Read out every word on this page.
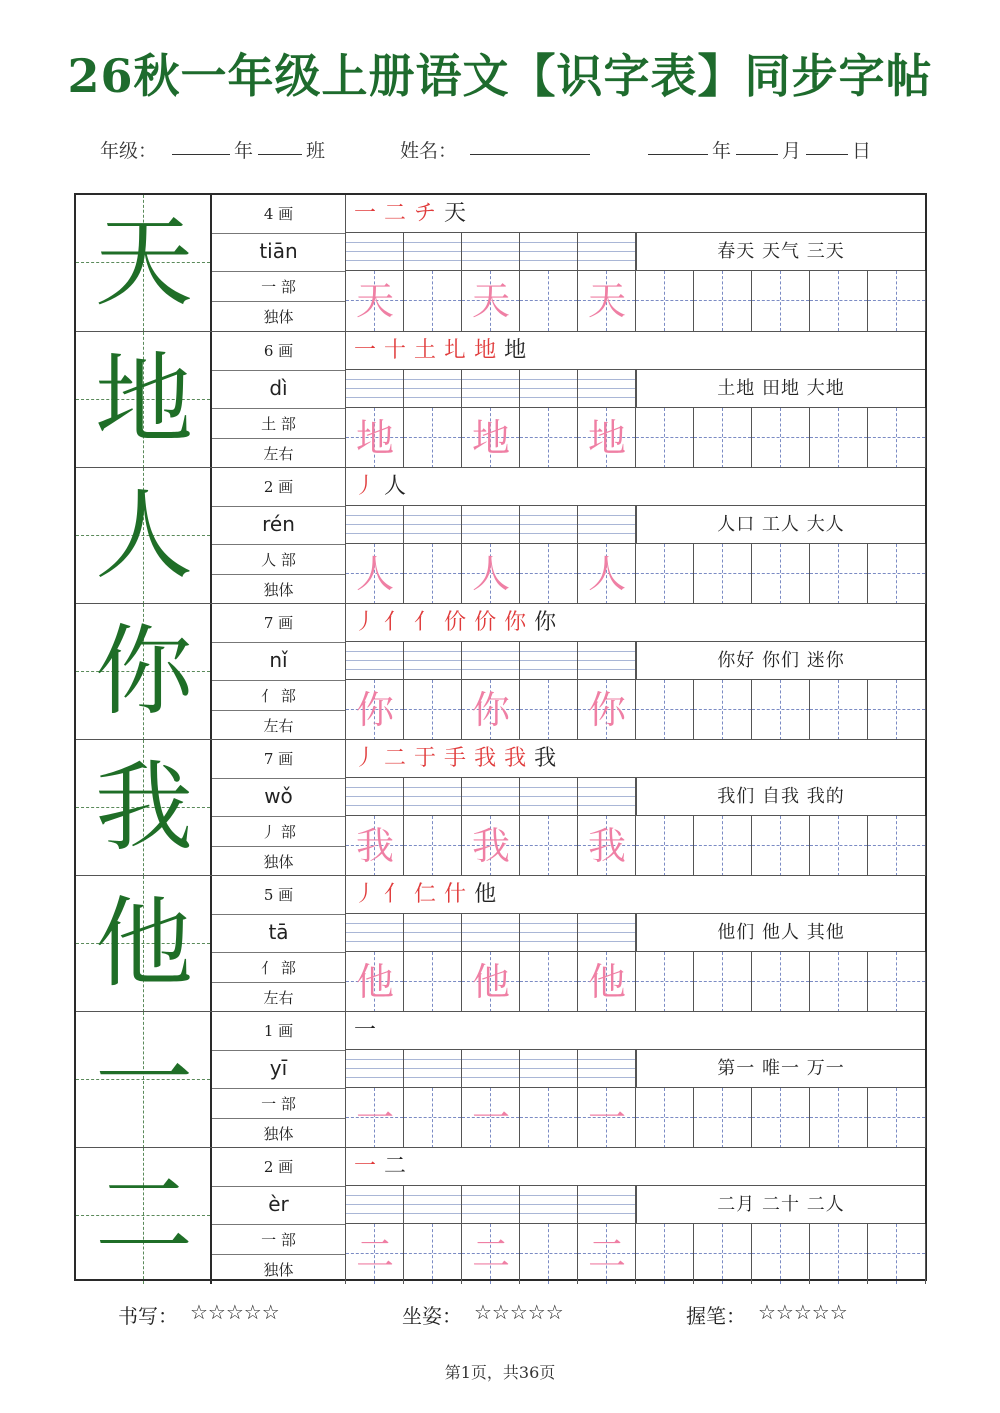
26秋一年级上册语文【识字表】同步字帖
年级：	年	班	姓名：	年	月	日
天	4 画
tiān
一 部
独体
一 二 チ 天
春天 天气 三天
天 天 天
地	6 画
dì
土 部
左右
一 十 土 圠 地 地
土地 田地 大地
地 地 地
人	2 画
rén
人 部
独体
丿 人
人口 工人 大人
人 人 人
你	7 画
nǐ
亻 部
左右
丿 亻 亻 价 价 你 你
你好 你们 迷你
你 你 你
我	7 画
wǒ
丿 部
独体
丿 二 于 手 我 我 我
我们 自我 我的
我 我 我
他	5 画
tā
亻 部
左右
丿 亻 仁 什 他
他们 他人 其他
他 他 他
一	1 画
yī
一 部
独体
一
第一 唯一 万一
一 一 一
二	2 画
èr
一 部
独体
一 二
二月 二十 二人
二 二 二
书写： ☆☆☆☆☆	坐姿： ☆☆☆☆☆	握笔： ☆☆☆☆☆
第1页，共36页
